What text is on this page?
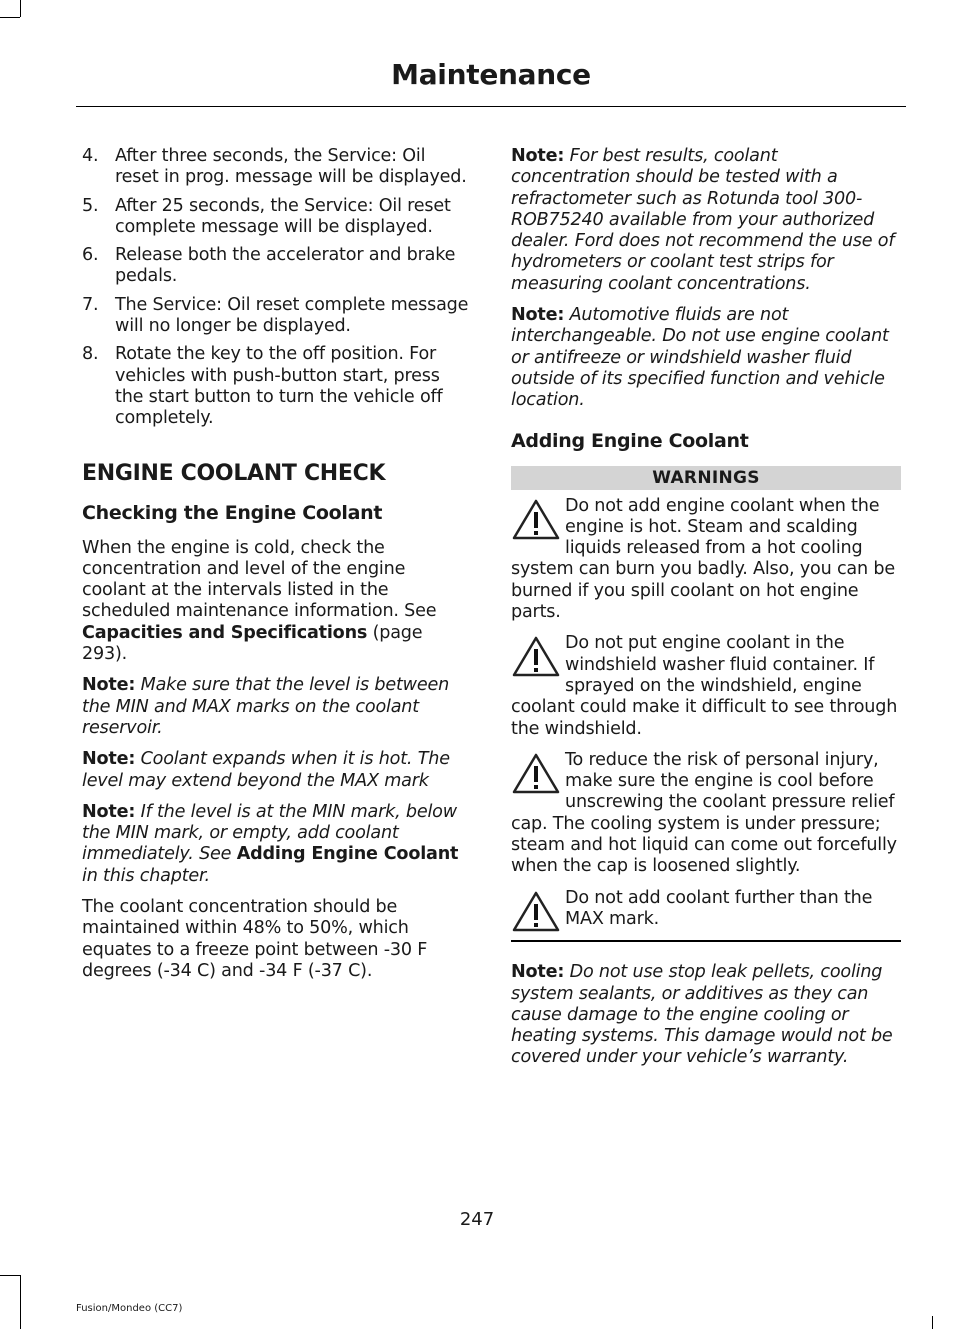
Maintenance
4. After three seconds, the Service: Oil reset in prog. message will be displayed.
5. After 25 seconds, the Service: Oil reset complete message will be displayed.
6. Release both the accelerator and brake pedals.
7. The Service: Oil reset complete message will no longer be displayed.
8. Rotate the key to the off position. For vehicles with push-button start, press the start button to turn the vehicle off completely.
ENGINE COOLANT CHECK
Checking the Engine Coolant

When the engine is cold, check the concentration and level of the engine coolant at the intervals listed in the scheduled maintenance information. See Capacities and Specifications (page 293).

Note: Make sure that the level is between the MIN and MAX marks on the coolant reservoir.

Note: Coolant expands when it is hot. The level may extend beyond the MAX mark

Note: If the level is at the MIN mark, below the MIN mark, or empty, add coolant immediately. See Adding Engine Coolant in this chapter.

The coolant concentration should be maintained within 48% to 50%, which equates to a freeze point between -30 F degrees (-34 C) and -34 F (-37 C).

Note: For best results, coolant concentration should be tested with a refractometer such as Rotunda tool 300-ROB75240 available from your authorized dealer. Ford does not recommend the use of hydrometers or coolant test strips for measuring coolant concentrations.

Note: Automotive fluids are not interchangeable. Do not use engine coolant or antifreeze or windshield washer fluid outside of its specified function and vehicle location.

Adding Engine Coolant
WARNINGS

Do not add engine coolant when the engine is hot. Steam and scalding liquids released from a hot cooling system can burn you badly. Also, you can be burned if you spill coolant on hot engine parts.

Do not put engine coolant in the windshield washer fluid container. If sprayed on the windshield, engine coolant could make it difficult to see through the windshield.

To reduce the risk of personal injury, make sure the engine is cool before unscrewing the coolant pressure relief cap. The cooling system is under pressure; steam and hot liquid can come out forcefully when the cap is loosened slightly.

Do not add coolant further than the MAX mark.

Note: Do not use stop leak pellets, cooling system sealants, or additives as they can cause damage to the engine cooling or heating systems. This damage would not be covered under your vehicle’s warranty.

247
Fusion/Mondeo (CC7)
